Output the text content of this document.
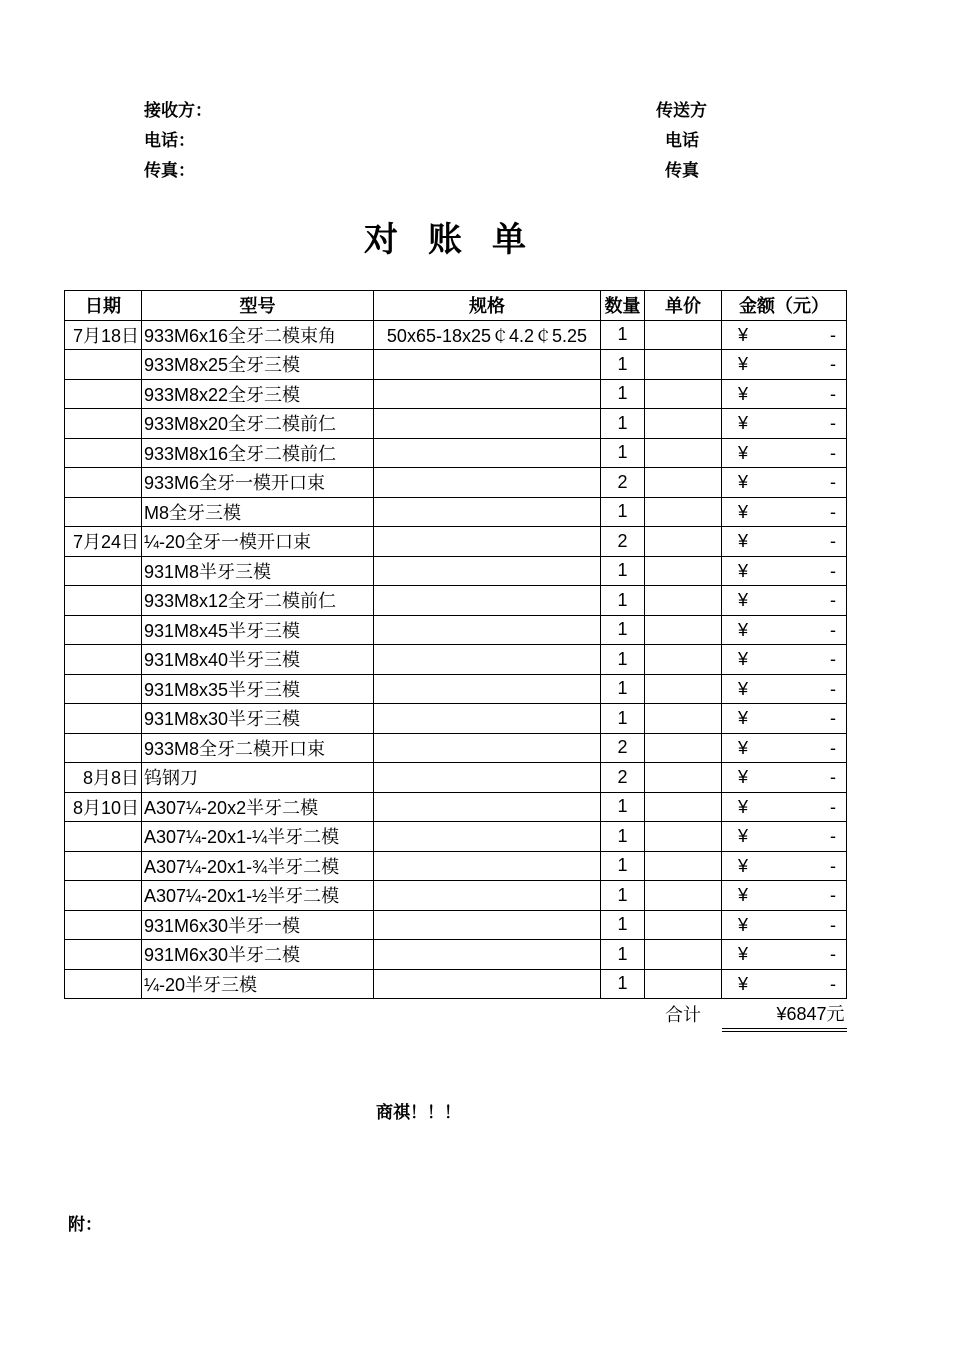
接收方：
电话：
传真：
传送方
电话
传真
对账单
日期	型号	规格	数量	单价	金额（元）
7月18日	933M6x16全牙二模束角	50x65-18x25￠4.2￠5.25	1		¥ -

	933M8x25全牙三模		1		¥ -

	933M8x22全牙三模		1		¥ -

	933M8x20全牙二模前仁		1		¥ -

	933M8x16全牙二模前仁		1		¥ -

	933M6全牙一模开口束		2		¥ -

	M8全牙三模		1		¥ -

7月24日	¼-20全牙一模开口束		2		¥ -

	931M8半牙三模		1		¥ -

	933M8x12全牙二模前仁		1		¥ -

	931M8x45半牙三模		1		¥ -

	931M8x40半牙三模		1		¥ -

	931M8x35半牙三模		1		¥ -

	931M8x30半牙三模		1		¥ -

	933M8全牙二模开口束		2		¥ -

8月8日	钨钢刀		2		¥ -

8月10日	A307¼-20x2半牙二模		1		¥ -

	A307¼-20x1-¼半牙二模		1		¥ -

	A307¼-20x1-¾半牙二模		1		¥ -

	A307¼-20x1-½半牙二模		1		¥ -

	931M6x30半牙一模		1		¥ -

	931M6x30半牙二模		1		¥ -

	¼-20半牙三模		1		¥ -

				合计	¥6847元
商祺！！！
附：
